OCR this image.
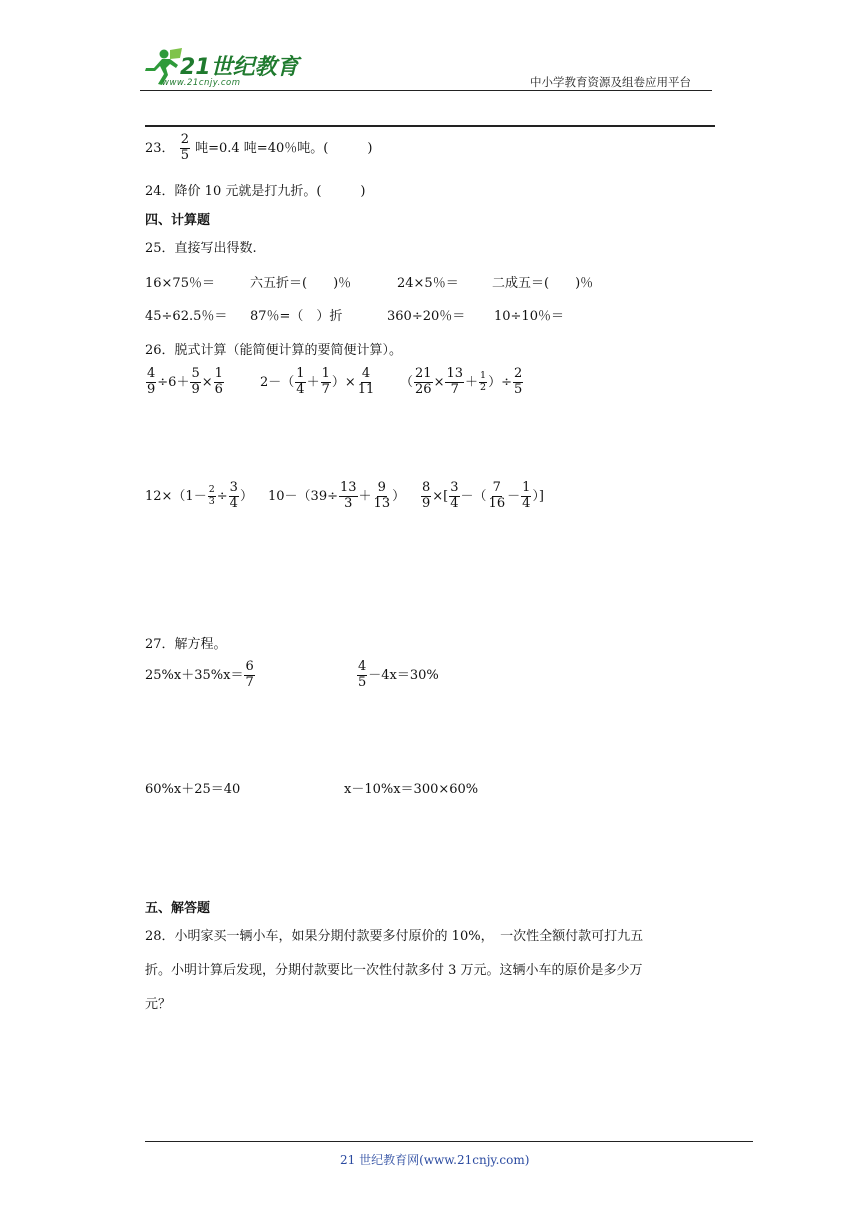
21世纪教育
www.21cnjy.com	中小学教育资源及组卷应用平台
23． $\frac{2}{5}$ 吨=0.4 吨=40％吨。(　　　)
24．降价 10 元就是打九折。(　　　)
四、计算题
25．直接写出得数.
16×75％＝	六五折＝(　　)％	24×5％＝	二成五＝(　　)％
45÷62.5％＝ 87％=（　）折	360÷20％＝ 10÷10％＝
26．脱式计算（能简便计算的要简便计算）。
$\frac{4}{9} \div 6+ \frac{5}{9} \times \frac{1}{6}$	$2-( \frac{1}{4} + \frac{1}{7}$ ）× $\frac{4}{11}$ （ $\frac{21}{26} \times \frac{13}{7} + \frac{1}{2}$ ）÷ $\frac{2}{5}$
$12\times(1- \frac{2}{3} \div \frac{3}{4}$ ） $10-(39\div \frac{13}{3} + \frac{9}{13}$ ） $\frac{8}{9}$ ×[ $\frac{3}{4}$ －（ $\frac{7}{16} - \frac{1}{4}$ ）]
27．解方程。
$25\%x+35\%x= \frac{6}{7}$	$\frac{4}{5} -4x=30\%$
60%x＋25＝40	x－10%x＝300×60%
五、解答题
28．小明家买一辆小车，如果分期付款要多付原价的 10%，　一次性全额付款可打九五
折。小明计算后发现，分期付款要比一次性付款多付 3 万元。这辆小车的原价是多少万
元？
21 世纪教育网(www.21cnjy.com)
